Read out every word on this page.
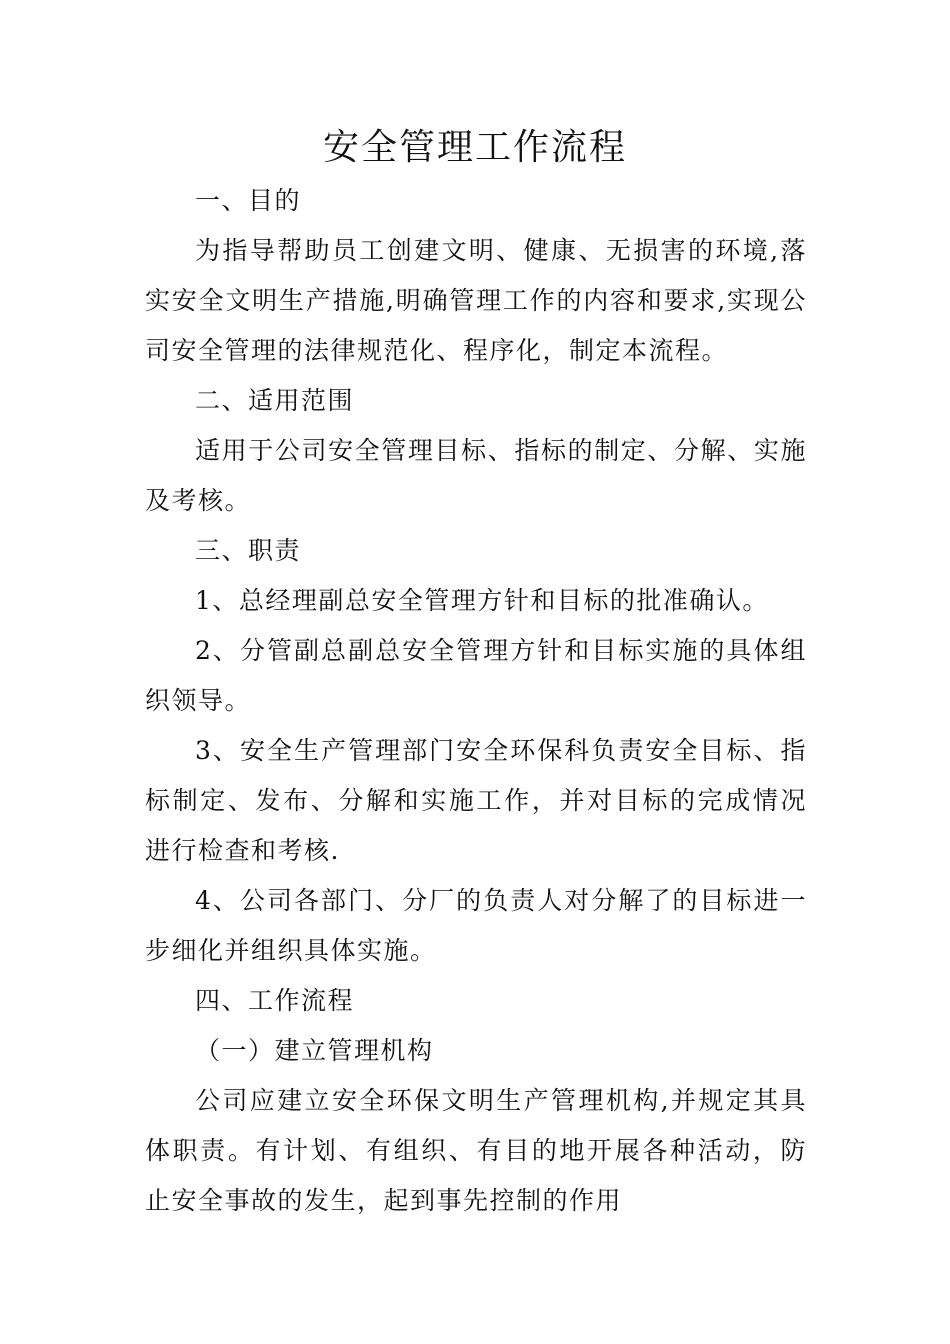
安全管理工作流程

一、目的

为指导帮助员工创建文明、健康、无损害的环境,落实安全文明生产措施,明确管理工作的内容和要求,实现公司安全管理的法律规范化、程序化，制定本流程。

二、适用范围

适用于公司安全管理目标、指标的制定、分解、实施及考核。

三、职责

1、总经理副总安全管理方针和目标的批准确认。

2、分管副总副总安全管理方针和目标实施的具体组织领导。

3、安全生产管理部门安全环保科负责安全目标、指标制定、发布、分解和实施工作，并对目标的完成情况进行检查和考核.

4、公司各部门、分厂的负责人对分解了的目标进一步细化并组织具体实施。

四、工作流程

（一）建立管理机构

公司应建立安全环保文明生产管理机构,并规定其具体职责。有计划、有组织、有目的地开展各种活动，防止安全事故的发生，起到事先控制的作用
